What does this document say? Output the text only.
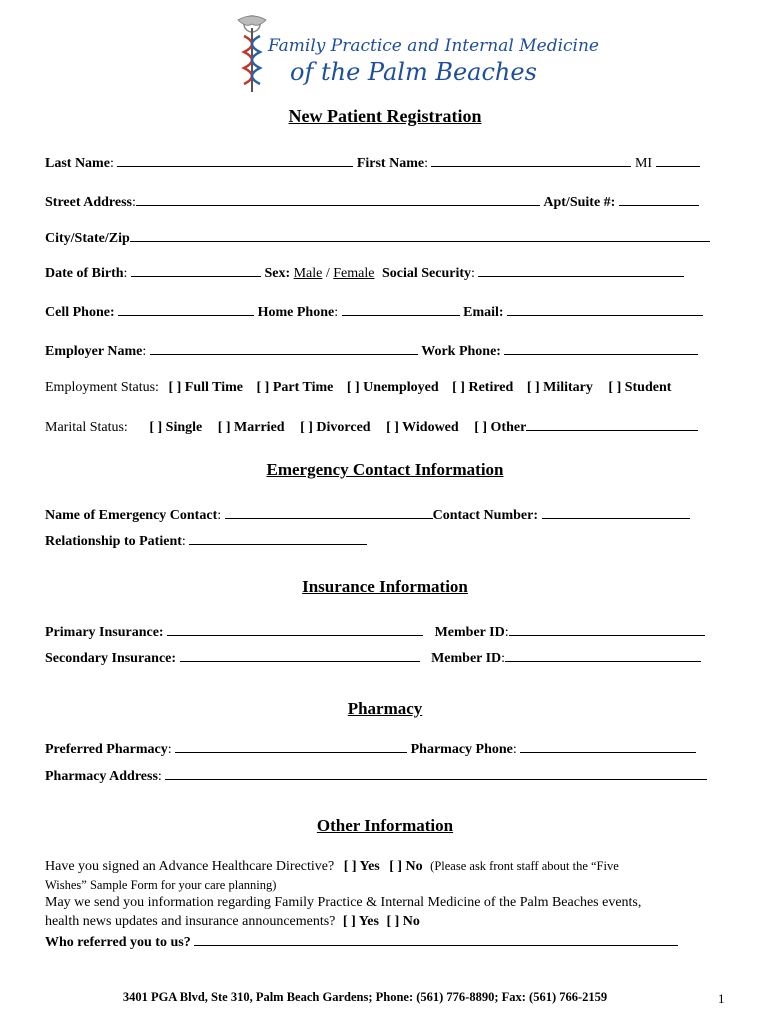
Family Practice and Internal Medicine
of the Palm Beaches
New Patient Registration
Last Name:	First Name:	MI
Street Address:	Apt/Suite #:
City/State/Zip
Date of Birth:	Sex: Male / Female Social Security:
Cell Phone:	Home Phone:	Email:
Employer Name:	Work Phone:
Employment Status: [ ] Full Time [ ] Part Time [ ] Unemployed [ ] Retired [ ] Military [ ] Student
Marital Status: [ ] Single [ ] Married [ ] Divorced [ ] Widowed [ ] Other
Emergency Contact Information
Name of Emergency Contact:	Contact Number:
Relationship to Patient:
Insurance Information
Primary Insurance:	Member ID:
Secondary Insurance:	Member ID:
Pharmacy
Preferred Pharmacy:	Pharmacy Phone:
Pharmacy Address:
Other Information
Have you signed an Advance Healthcare Directive? [ ] Yes [ ] No (Please ask front staff about the “Five
Wishes” Sample Form for your care planning)
May we send you information regarding Family Practice & Internal Medicine of the Palm Beaches events,
health news updates and insurance announcements? [ ] Yes [ ] No
Who referred you to us?
3401 PGA Blvd, Ste 310, Palm Beach Gardens; Phone: (561) 776-8890; Fax: (561) 766-2159	1
